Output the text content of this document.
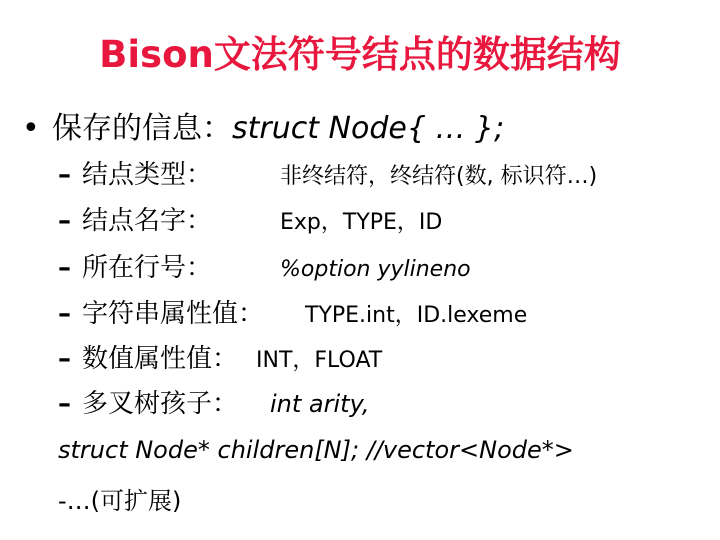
Bison文法符号结点的数据结构
• 保存的信息：struct Node{ … };
– 结点类型：	非终结符，终结符(数, 标识符…)
– 结点名字：	Exp，TYPE，ID
– 所在行号：	%option yylineno
– 字符串属性值： TYPE.int，ID.lexeme
– 数值属性值： INT，FLOAT
– 多叉树孩子： int arity,
struct Node* children[N]; //vector<Node*>
-…(可扩展)
